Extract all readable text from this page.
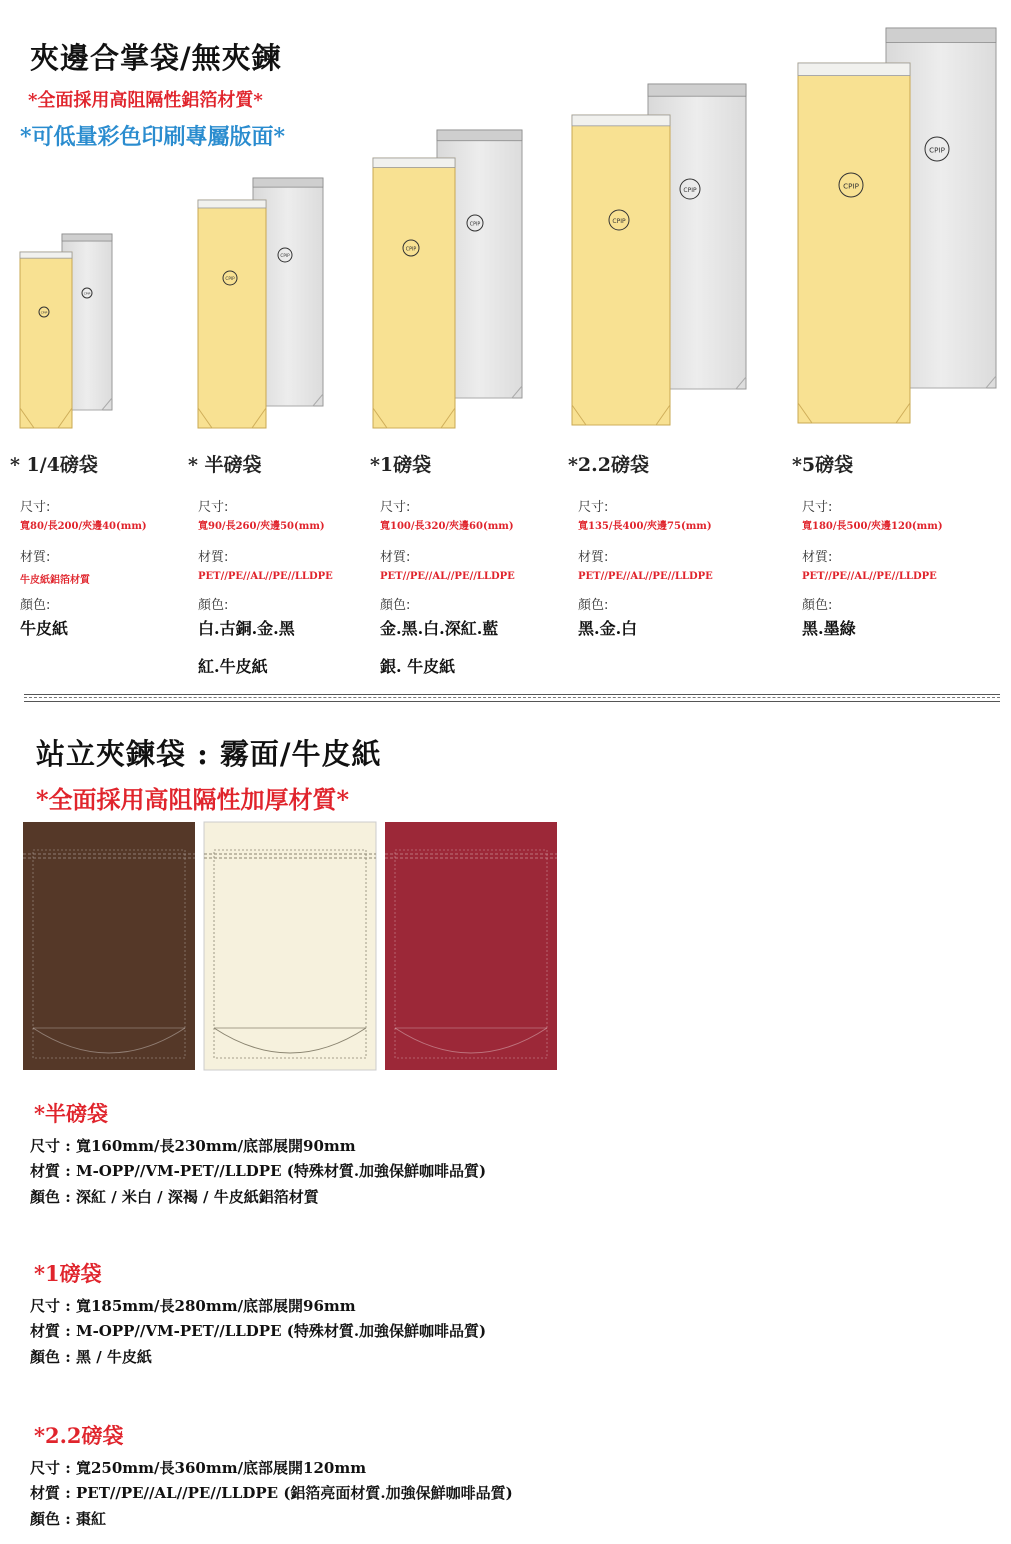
夾邊合掌袋/無夾鍊
*全面採用高阻隔性鋁箔材質*
*可低量彩色印刷專屬版面*
CPIP
CPIP
CPIP
CPIP
CPIP
CPIP	CPIP
CPIP	CPIP
CPIP
* 1/4磅袋
尺寸:
寬80/長200/夾邊40(mm)
材質:
牛皮紙鋁箔材質
顏色:
牛皮紙
* 半磅袋
尺寸:
寬90/長260/夾邊50(mm)
材質:
PET//PE//AL//PE//LLDPE
顏色:
白.古銅.金.黑
紅.牛皮紙
*1磅袋
尺寸:
寬100/長320/夾邊60(mm)
材質:
PET//PE//AL//PE//LLDPE
顏色:
金.黑.白.深紅.藍
銀. 牛皮紙
*2.2磅袋
尺寸:
寬135/長400/夾邊75(mm)
材質:
PET//PE//AL//PE//LLDPE
顏色:
黑.金.白
*5磅袋
尺寸:
寬180/長500/夾邊120(mm)
材質:
PET//PE//AL//PE//LLDPE
顏色:
黑.墨綠
站立夾鍊袋 : 霧面/牛皮紙
*全面採用高阻隔性加厚材質*
*半磅袋
尺寸 : 寬160mm/長230mm/底部展開90mm
材質 : M-OPP//VM-PET//LLDPE (特殊材質.加強保鮮咖啡品質)
顏色 : 深紅 / 米白 / 深褐 / 牛皮紙鋁箔材質
*1磅袋
尺寸 : 寬185mm/長280mm/底部展開96mm
材質 : M-OPP//VM-PET//LLDPE (特殊材質.加強保鮮咖啡品質)
顏色 : 黑 / 牛皮紙
*2.2磅袋
尺寸 : 寬250mm/長360mm/底部展開120mm
材質 : PET//PE//AL//PE//LLDPE (鋁箔亮面材質.加強保鮮咖啡品質)
顏色 : 棗紅
